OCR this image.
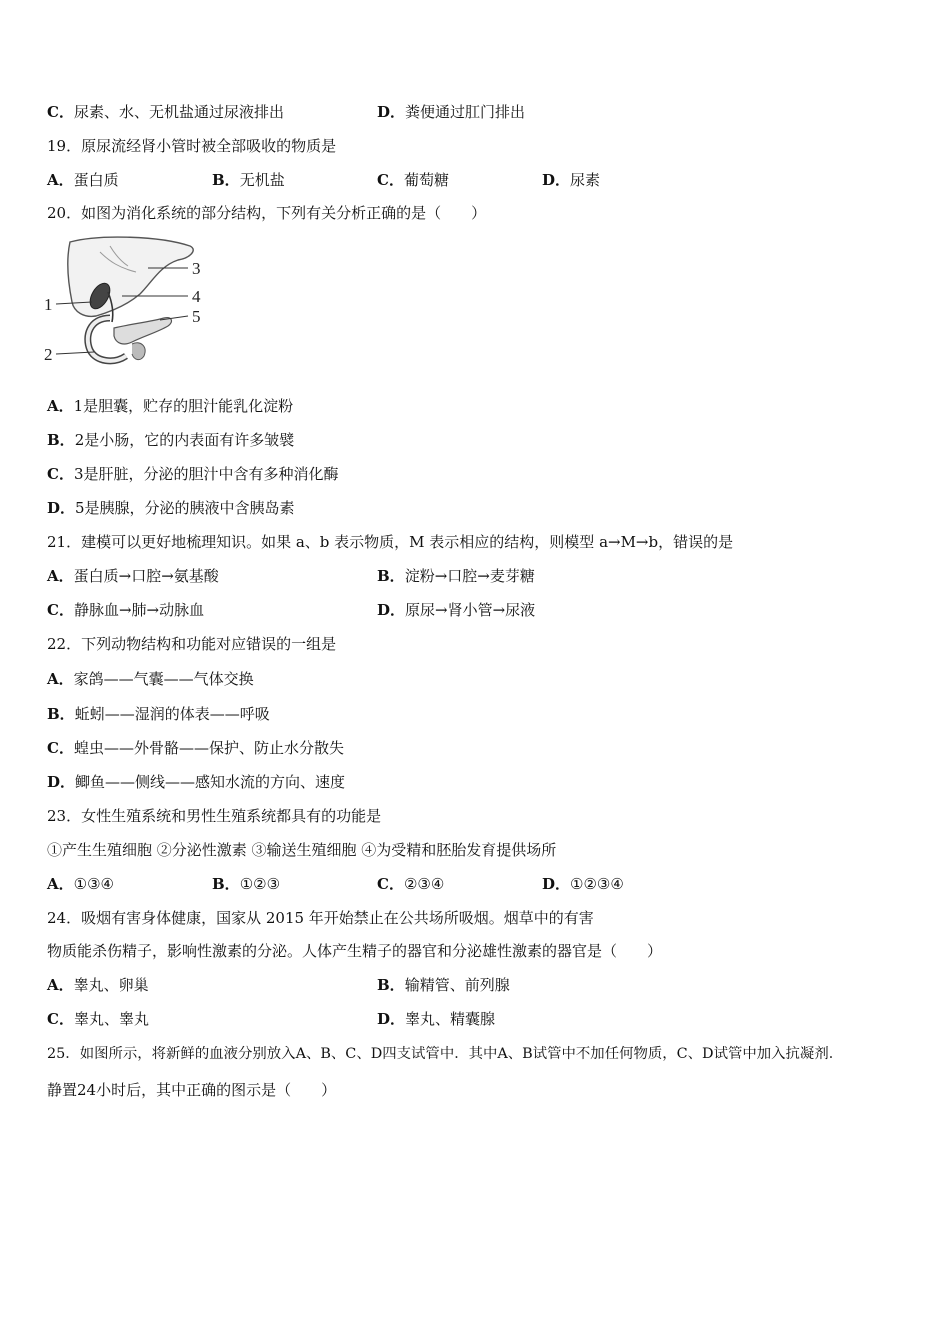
C．尿素、水、无机盐通过尿液排出	D．粪便通过肛门排出
19．原尿流经肾小管时被全部吸收的物质是
A．蛋白质	B．无机盐	C．葡萄糖	D．尿素
20．如图为消化系统的部分结构，下列有关分析正确的是（　　）
1
2
3
4
5
A．1是胆囊，贮存的胆汁能乳化淀粉
B．2是小肠，它的内表面有许多皱襞
C．3是肝脏，分泌的胆汁中含有多种消化酶
D．5是胰腺，分泌的胰液中含胰岛素
21．建模可以更好地梳理知识。如果 a、b 表示物质，M 表示相应的结构，则模型 a→M→b，错误的是
A．蛋白质→口腔→氨基酸	B．淀粉→口腔→麦芽糖
C．静脉血→肺→动脉血	D．原尿→肾小管→尿液
22．下列动物结构和功能对应错误的一组是
A．家鸽——气囊——气体交换
B．蚯蚓——湿润的体表——呼吸
C．蝗虫——外骨骼——保护、防止水分散失
D．鲫鱼——侧线——感知水流的方向、速度
23．女性生殖系统和男性生殖系统都具有的功能是
①产生生殖细胞 ②分泌性激素 ③输送生殖细胞 ④为受精和胚胎发育提供场所
A．①③④	B．①②③	C．②③④	D．①②③④
24．吸烟有害身体健康，国家从 2015 年开始禁止在公共场所吸烟。烟草中的有害
物质能杀伤精子，影响性激素的分泌。人体产生精子的器官和分泌雄性激素的器官是（　　）
A．睾丸、卵巢	B．输精管、前列腺
C．睾丸、睾丸	D．睾丸、精囊腺
25．如图所示，将新鲜的血液分别放入A、B、C、D四支试管中．其中A、B试管中不加任何物质，C、D试管中加入抗凝剂．
静置24小时后，其中正确的图示是（　　）
